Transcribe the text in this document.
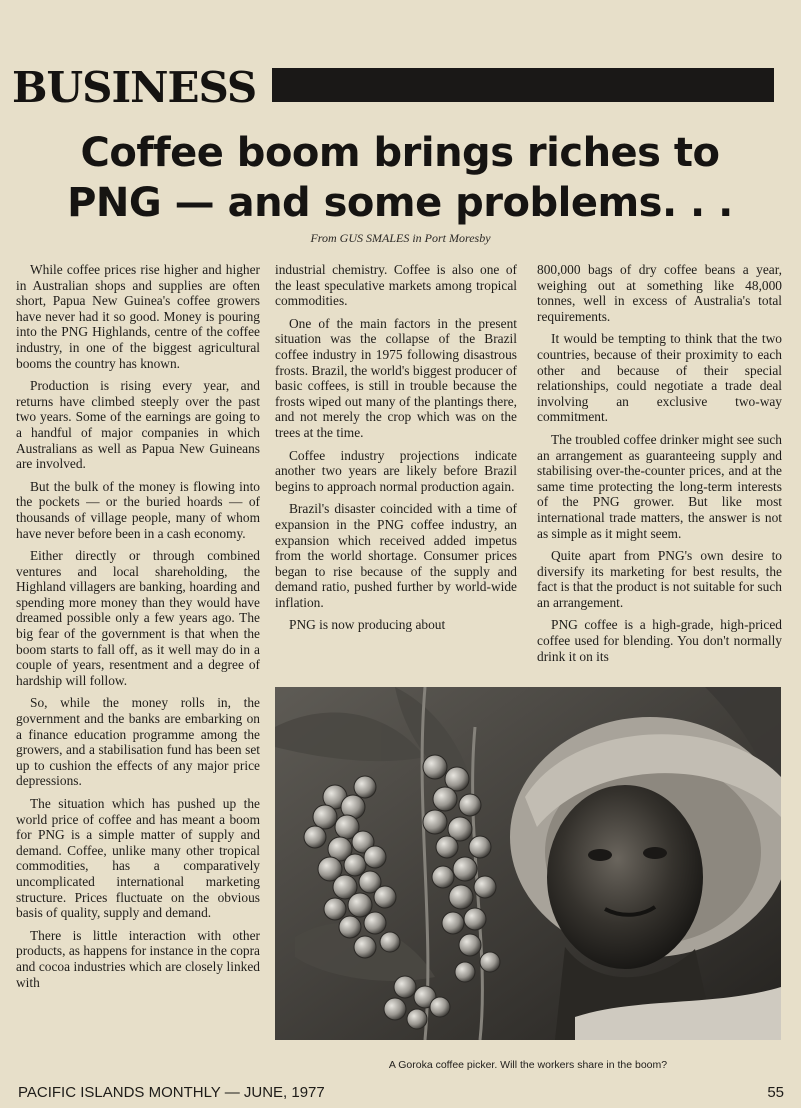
BUSINESS
Coffee boom brings riches to
PNG — and some problems. . .
From GUS SMALES in Port Moresby

While coffee prices rise higher and higher in Australian shops and supplies are often short, Papua New Guinea's coffee growers have never had it so good. Money is pouring into the PNG Highlands, centre of the coffee industry, in one of the biggest agricultural booms the country has known.

Production is rising every year, and returns have climbed steeply over the past two years. Some of the earnings are going to a handful of major companies in which Australians as well as Papua New Guineans are involved.

But the bulk of the money is flowing into the pockets — or the buried hoards — of thousands of village people, many of whom have never before been in a cash economy.

Either directly or through combined ventures and local shareholding, the Highland villagers are banking, hoarding and spending more money than they would have dreamed possible only a few years ago. The big fear of the government is that when the boom starts to fall off, as it well may do in a couple of years, resentment and a degree of hardship will follow.

So, while the money rolls in, the government and the banks are embarking on a finance education programme among the growers, and a stabilisation fund has been set up to cushion the effects of any major price depressions.

The situation which has pushed up the world price of coffee and has meant a boom for PNG is a simple matter of supply and demand. Coffee, unlike many other tropical commodities, has a comparatively uncomplicated international marketing structure. Prices fluctuate on the obvious basis of quality, supply and demand.

There is little interaction with other products, as happens for instance in the copra and cocoa industries which are closely linked with

industrial chemistry. Coffee is also one of the least speculative markets among tropical commodities.

One of the main factors in the present situation was the collapse of the Brazil coffee industry in 1975 following disastrous frosts. Brazil, the world's biggest producer of basic coffees, is still in trouble because the frosts wiped out many of the plantings there, and not merely the crop which was on the trees at the time.

Coffee industry projections indicate another two years are likely before Brazil begins to approach normal production again.

Brazil's disaster coincided with a time of expansion in the PNG coffee industry, an expansion which received added impetus from the world shortage. Consumer prices began to rise because of the supply and demand ratio, pushed further by world-wide inflation.

PNG is now producing about

800,000 bags of dry coffee beans a year, weighing out at something like 48,000 tonnes, well in excess of Australia's total requirements.

It would be tempting to think that the two countries, because of their proximity to each other and because of their special relationships, could negotiate a trade deal involving an exclusive two-way commitment.

The troubled coffee drinker might see such an arrangement as guaranteeing supply and stabilising over-the-counter prices, and at the same time protecting the long-term interests of the PNG grower. But like most international trade matters, the answer is not as simple as it might seem.

Quite apart from PNG's own desire to diversify its marketing for best results, the fact is that the product is not suitable for such an arrangement.

PNG coffee is a high-grade, high-priced coffee used for blending. You don't normally drink it on its

A Goroka coffee picker. Will the workers share in the boom?
PACIFIC ISLANDS MONTHLY — JUNE, 1977	55
